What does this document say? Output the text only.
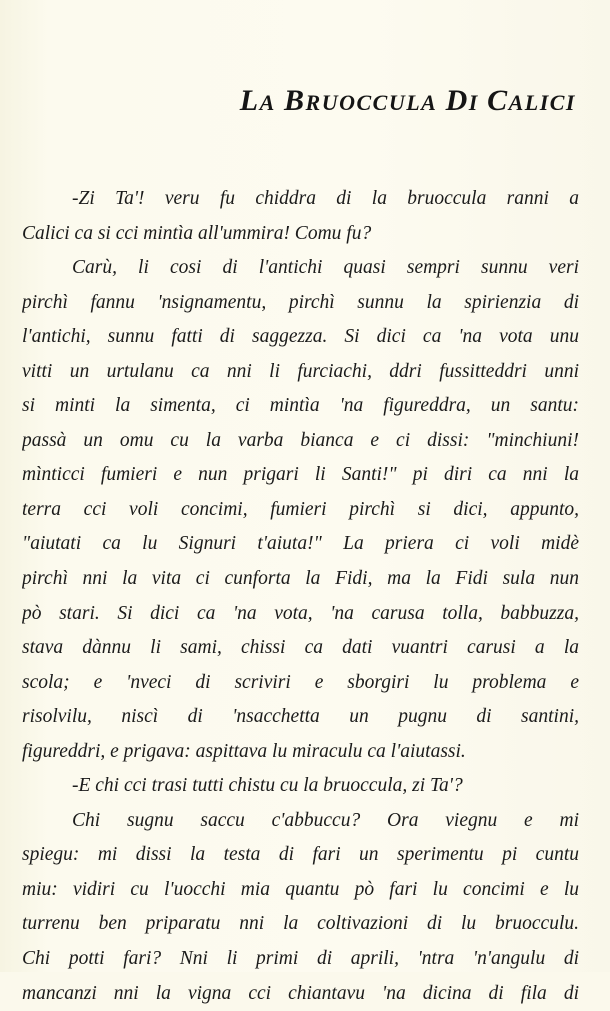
LA BRUOCCULA DI CALICI
-Zi Ta'! veru fu chiddra di la bruoccula ranni a
Calici ca si cci mintìa all'ummira! Comu fu?
Carù, li cosi di l'antichi quasi sempri sunnu veri
pirchì fannu 'nsignamentu, pirchì sunnu la spirienzia di
l'antichi, sunnu fatti di saggezza. Si dici ca 'na vota unu
vitti un urtulanu ca nni li furciachi, ddri fussitteddri unni
si minti la simenta, ci mintìa 'na figureddra, un santu:
passà un omu cu la varba bianca e ci dissi: "minchiuni!
mìnticci fumieri e nun prigari li Santi!" pi diri ca nni la
terra cci voli concimi, fumieri pirchì si dici, appunto,
"aiutati ca lu Signuri t'aiuta!" La priera ci voli midè
pirchì nni la vita ci cunforta la Fidi, ma la Fidi sula nun
pò stari. Si dici ca 'na vota, 'na carusa tolla, babbuzza,
stava dànnu li sami, chissi ca dati vuantri carusi a la
scola; e 'nveci di scriviri e sborgiri lu problema e
risolvilu, niscì di 'nsacchetta un pugnu di santini,
figureddri, e prigava: aspittava lu miraculu ca l'aiutassi.
-E chi cci trasi tutti chistu cu la bruoccula, zi Ta'?
Chi sugnu saccu c'abbuccu? Ora viegnu e mi
spiegu: mi dissi la testa di fari un sperimentu pi cuntu
miu: vidiri cu l'uocchi mia quantu pò fari lu concimi e lu
turrenu ben priparatu nni la coltivazioni di lu bruocculu.
Chi potti fari? Nni li primi di aprili, 'ntra 'n'angulu di
mancanzi nni la vigna cci chiantavu 'na dicina di fila di
